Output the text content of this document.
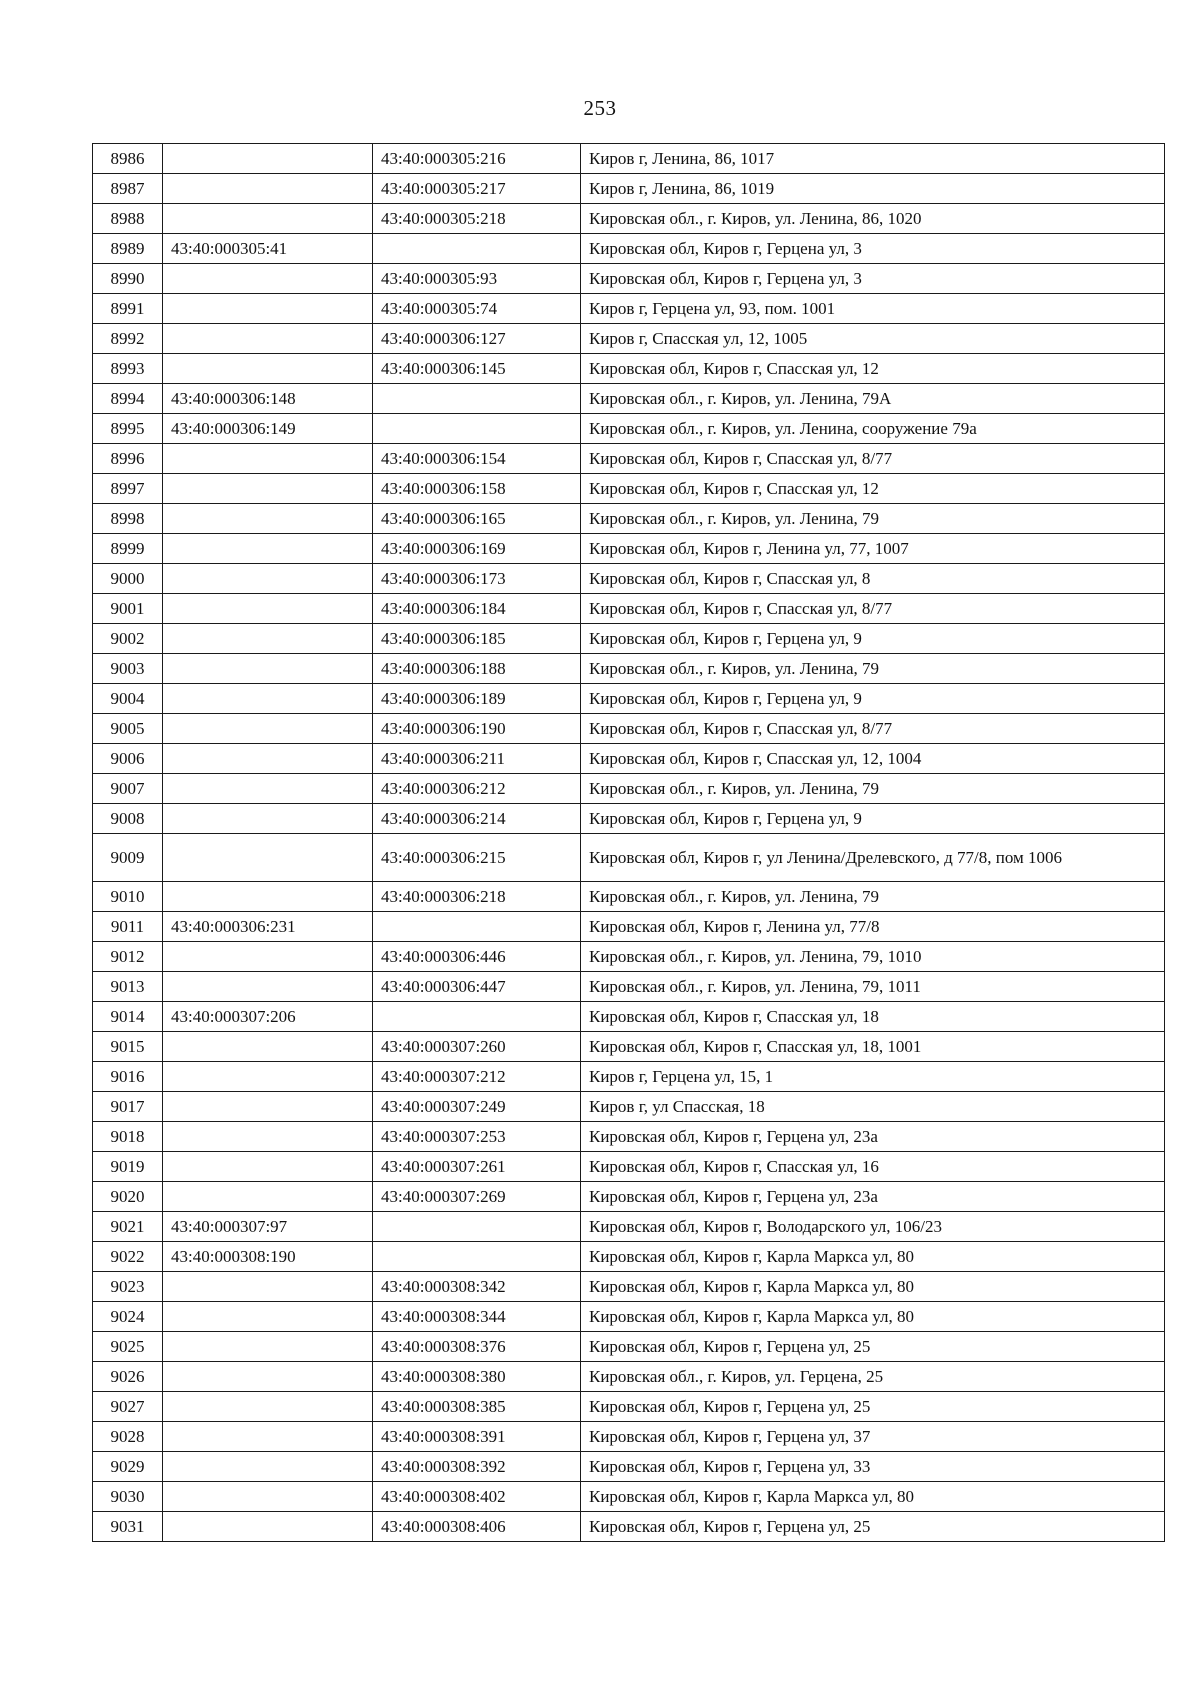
253
8986		43:40:000305:216	Киров г, Ленина, 86, 1017
8987		43:40:000305:217	Киров г, Ленина, 86, 1019
8988		43:40:000305:218	Кировская обл., г. Киров, ул. Ленина, 86, 1020
8989	43:40:000305:41		Кировская обл, Киров г, Герцена ул, 3
8990		43:40:000305:93	Кировская обл, Киров г, Герцена ул, 3
8991		43:40:000305:74	Киров г, Герцена ул, 93, пом. 1001
8992		43:40:000306:127	Киров г, Спасская ул, 12, 1005
8993		43:40:000306:145	Кировская обл, Киров г, Спасская ул, 12
8994	43:40:000306:148		Кировская обл., г. Киров, ул. Ленина, 79А
8995	43:40:000306:149		Кировская обл., г. Киров, ул. Ленина, сооружение 79а
8996		43:40:000306:154	Кировская обл, Киров г, Спасская ул, 8/77
8997		43:40:000306:158	Кировская обл, Киров г, Спасская ул, 12
8998		43:40:000306:165	Кировская обл., г. Киров, ул. Ленина, 79
8999		43:40:000306:169	Кировская обл, Киров г, Ленина ул, 77, 1007
9000		43:40:000306:173	Кировская обл, Киров г, Спасская ул, 8
9001		43:40:000306:184	Кировская обл, Киров г, Спасская ул, 8/77
9002		43:40:000306:185	Кировская обл, Киров г, Герцена ул, 9
9003		43:40:000306:188	Кировская обл., г. Киров, ул. Ленина, 79
9004		43:40:000306:189	Кировская обл, Киров г, Герцена ул, 9
9005		43:40:000306:190	Кировская обл, Киров г, Спасская ул, 8/77
9006		43:40:000306:211	Кировская обл, Киров г, Спасская ул, 12, 1004
9007		43:40:000306:212	Кировская обл., г. Киров, ул. Ленина, 79
9008		43:40:000306:214	Кировская обл, Киров г, Герцена ул, 9
9009		43:40:000306:215	Кировская обл, Киров г, ул Ленина/Дрелевского, д 77/8, пом 1006
9010		43:40:000306:218	Кировская обл., г. Киров, ул. Ленина, 79
9011	43:40:000306:231		Кировская обл, Киров г, Ленина ул, 77/8
9012		43:40:000306:446	Кировская обл., г. Киров, ул. Ленина, 79, 1010
9013		43:40:000306:447	Кировская обл., г. Киров, ул. Ленина, 79, 1011
9014	43:40:000307:206		Кировская обл, Киров г, Спасская ул, 18
9015		43:40:000307:260	Кировская обл, Киров г, Спасская ул, 18, 1001
9016		43:40:000307:212	Киров г, Герцена ул, 15, 1
9017		43:40:000307:249	Киров г, ул Спасская, 18
9018		43:40:000307:253	Кировская обл, Киров г, Герцена ул, 23а
9019		43:40:000307:261	Кировская обл, Киров г, Спасская ул, 16
9020		43:40:000307:269	Кировская обл, Киров г, Герцена ул, 23а
9021	43:40:000307:97		Кировская обл, Киров г, Володарского ул, 106/23
9022	43:40:000308:190		Кировская обл, Киров г, Карла Маркса ул, 80
9023		43:40:000308:342	Кировская обл, Киров г, Карла Маркса ул, 80
9024		43:40:000308:344	Кировская обл, Киров г, Карла Маркса ул, 80
9025		43:40:000308:376	Кировская обл, Киров г, Герцена ул, 25
9026		43:40:000308:380	Кировская обл., г. Киров, ул. Герцена, 25
9027		43:40:000308:385	Кировская обл, Киров г, Герцена ул, 25
9028		43:40:000308:391	Кировская обл, Киров г, Герцена ул, 37
9029		43:40:000308:392	Кировская обл, Киров г, Герцена ул, 33
9030		43:40:000308:402	Кировская обл, Киров г, Карла Маркса ул, 80
9031		43:40:000308:406	Кировская обл, Киров г, Герцена ул, 25
